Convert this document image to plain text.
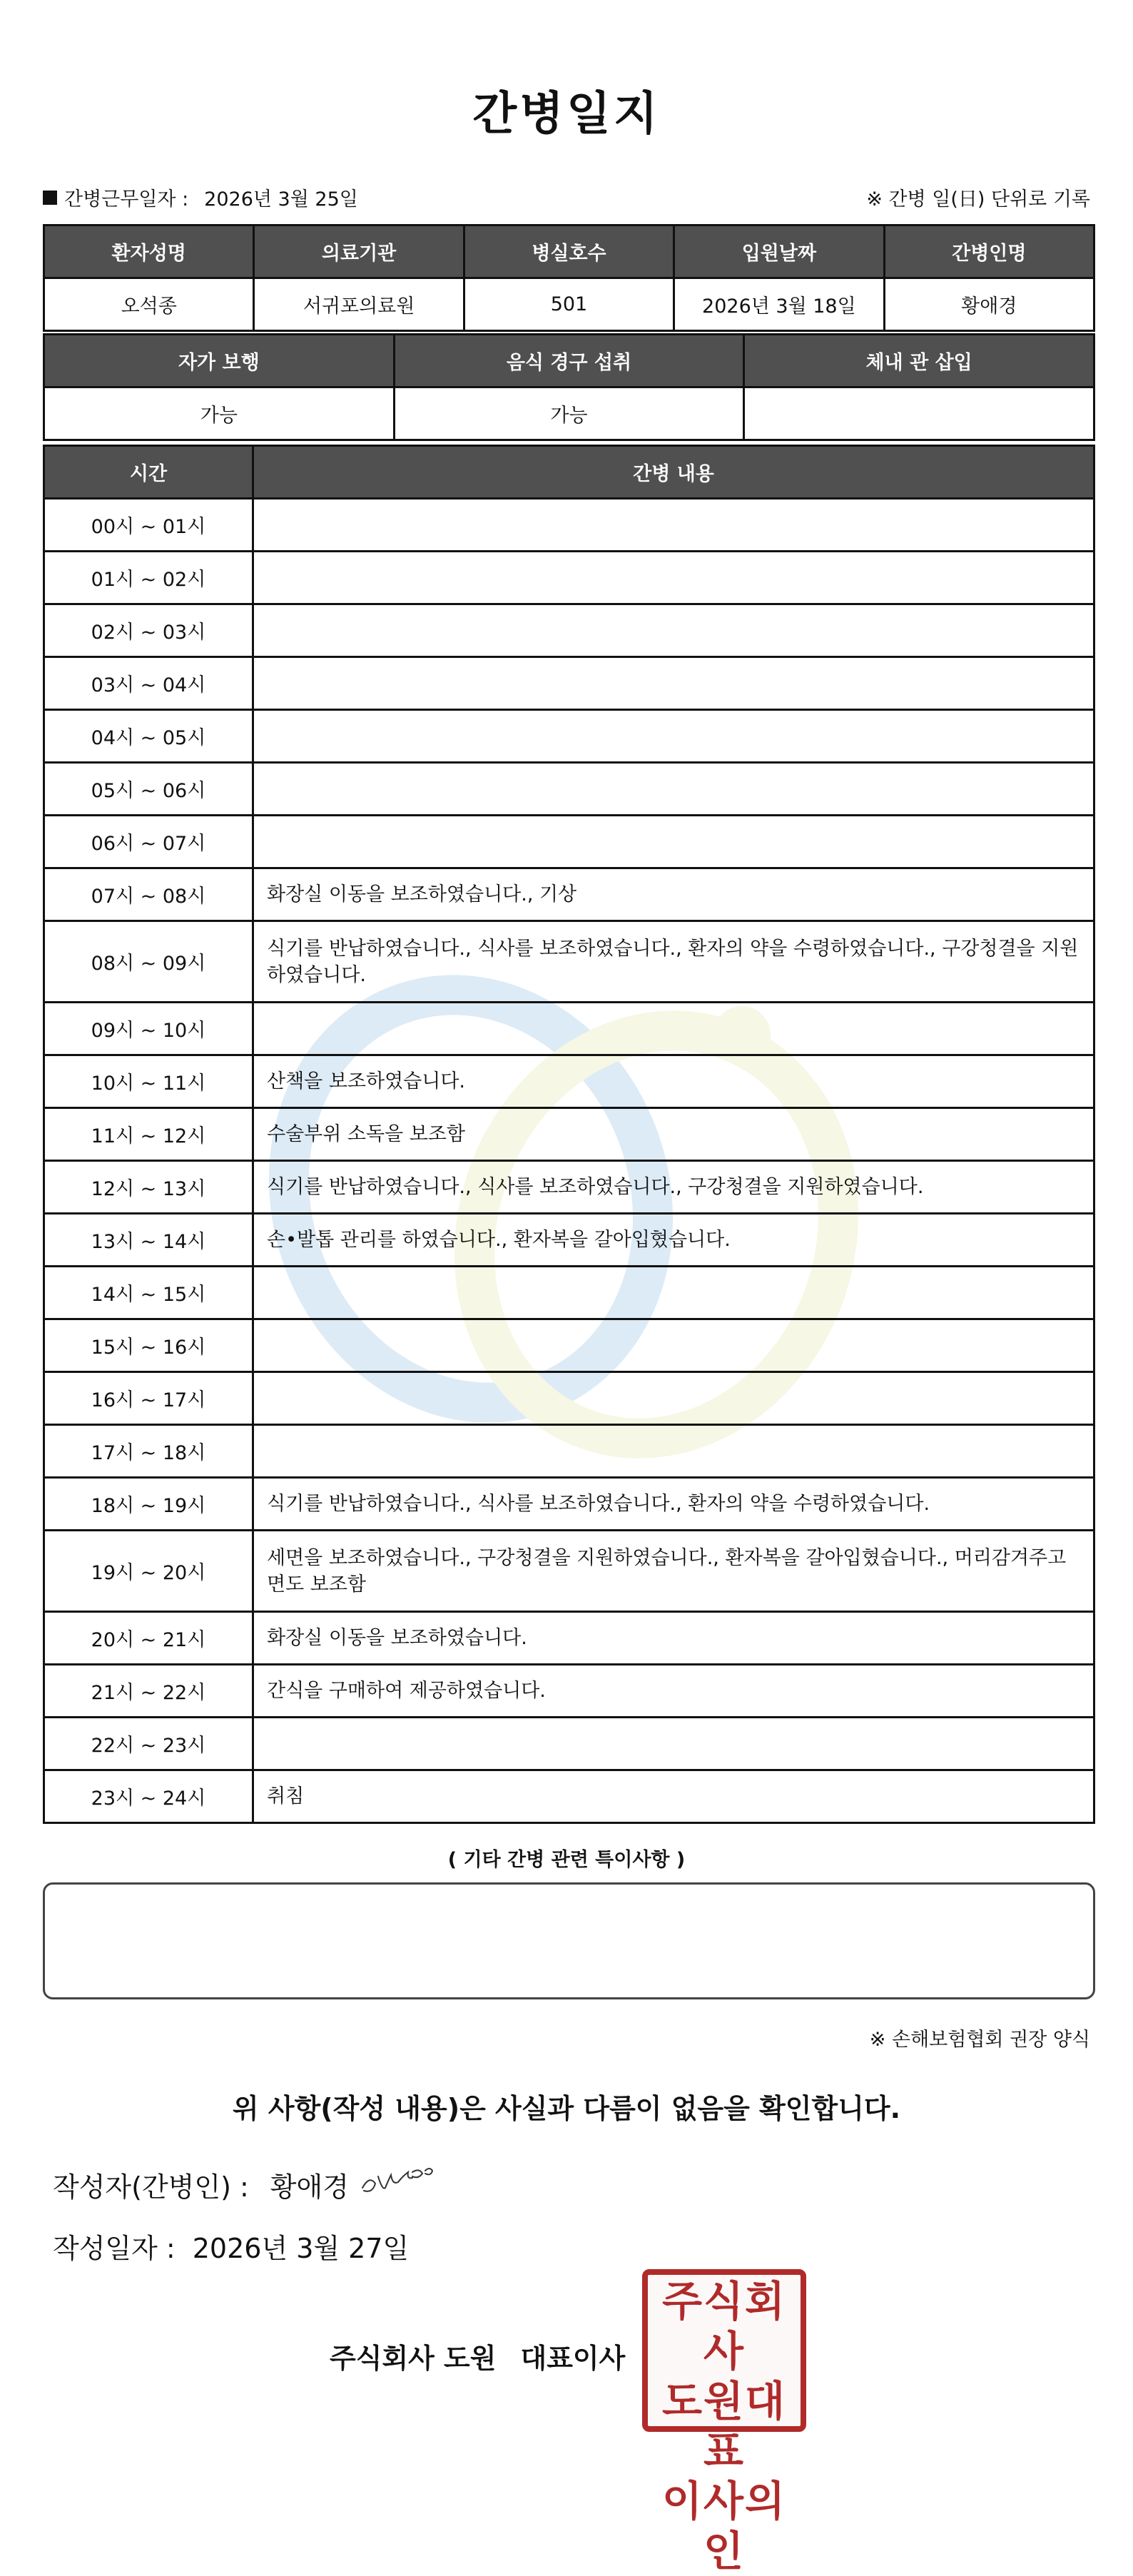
간병일지
간병근무일자 : 2026년 3월 25일	※ 간병 일(日) 단위로 기록
환자성명	의료기관	병실호수	입원날짜	간병인명
오석종	서귀포의료원	501	2026년 3월 18일	황애경
자가 보행	음식 경구 섭취	체내 관 삽입
가능	가능	
시간	간병 내용
00시 ~ 01시	
01시 ~ 02시	
02시 ~ 03시	
03시 ~ 04시	
04시 ~ 05시	
05시 ~ 06시	
06시 ~ 07시	
07시 ~ 08시	화장실 이동을 보조하였습니다., 기상
08시 ~ 09시	식기를 반납하였습니다., 식사를 보조하였습니다., 환자의 약을 수령하였습니다., 구강청결을 지원하였습니다.
09시 ~ 10시	
10시 ~ 11시	산책을 보조하였습니다.
11시 ~ 12시	수술부위 소독을 보조함
12시 ~ 13시	식기를 반납하였습니다., 식사를 보조하였습니다., 구강청결을 지원하였습니다.
13시 ~ 14시	손•발톱 관리를 하였습니다., 환자복을 갈아입혔습니다.
14시 ~ 15시	
15시 ~ 16시	
16시 ~ 17시	
17시 ~ 18시	
18시 ~ 19시	식기를 반납하였습니다., 식사를 보조하였습니다., 환자의 약을 수령하였습니다.
19시 ~ 20시	세면을 보조하였습니다., 구강청결을 지원하였습니다., 환자복을 갈아입혔습니다., 머리감겨주고 면도 보조함
20시 ~ 21시	화장실 이동을 보조하였습니다.
21시 ~ 22시	간식을 구매하여 제공하였습니다.
22시 ~ 23시	
23시 ~ 24시	취침
( 기타 간병 관련 특이사항 )
※ 손해보험협회 권장 양식
위 사항(작성 내용)은 사실과 다름이 없음을 확인합니다.
작성자(간병인) : 황애경
작성일자 : 2026년 3월 27일
주식회사 도원 대표이사
주식회사
도원대표
이사의인
